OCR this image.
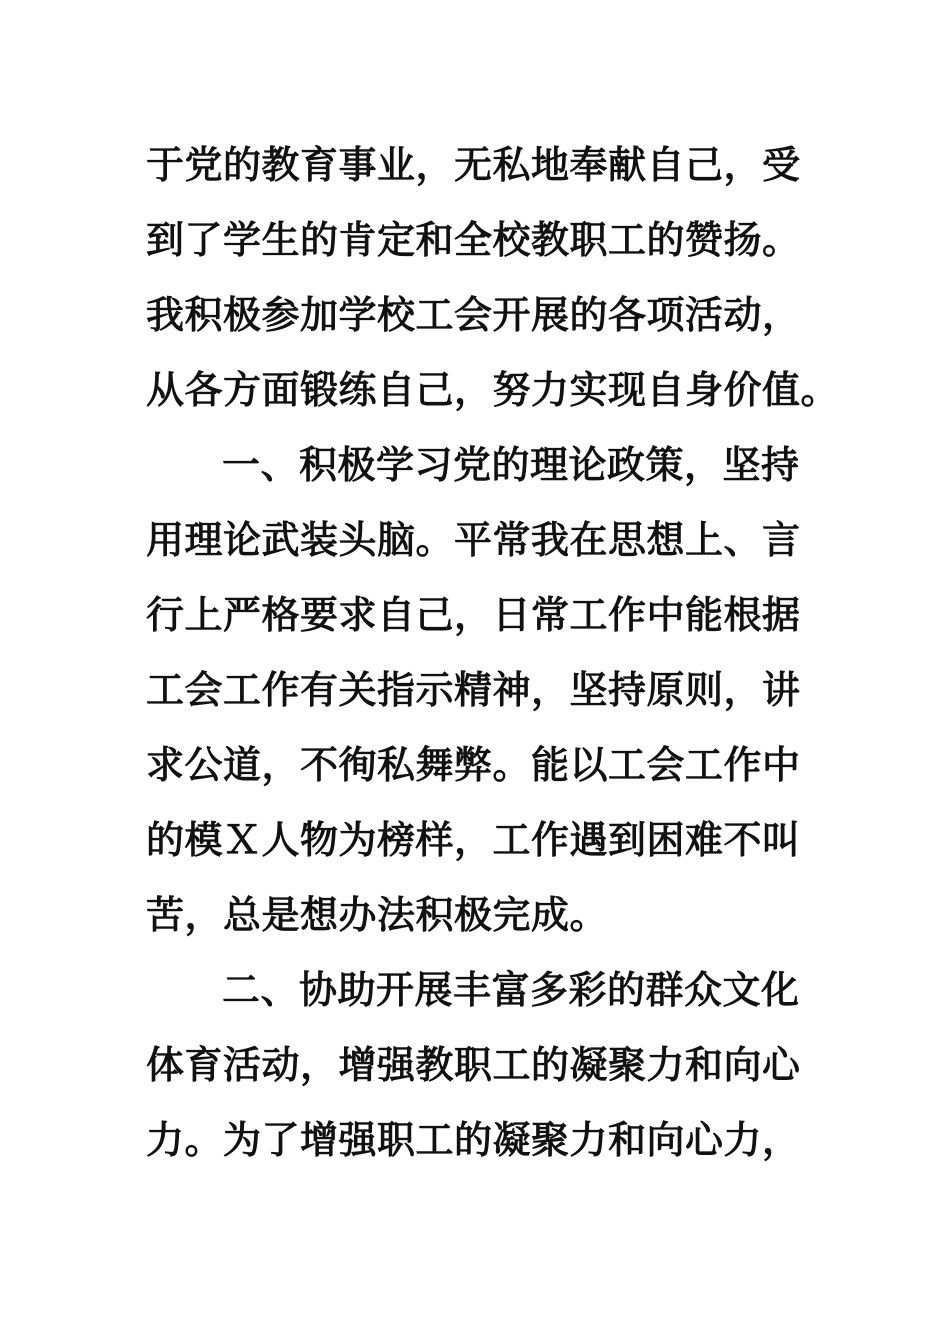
于党的教育事业，无私地奉献自己，受
到了学生的肯定和全校教职工的赞扬。
我积极参加学校工会开展的各项活动，
从各方面锻练自己，努力实现自身价值。
一、积极学习党的理论政策，坚持
用理论武装头脑。平常我在思想上、言
行上严格要求自己，日常工作中能根据
工会工作有关指示精神，坚持原则，讲
求公道，不徇私舞弊。能以工会工作中
的模Ｘ人物为榜样，工作遇到困难不叫
苦，总是想办法积极完成。
二、协助开展丰富多彩的群众文化
体育活动，增强教职工的凝聚力和向心
力。为了增强职工的凝聚力和向心力，
